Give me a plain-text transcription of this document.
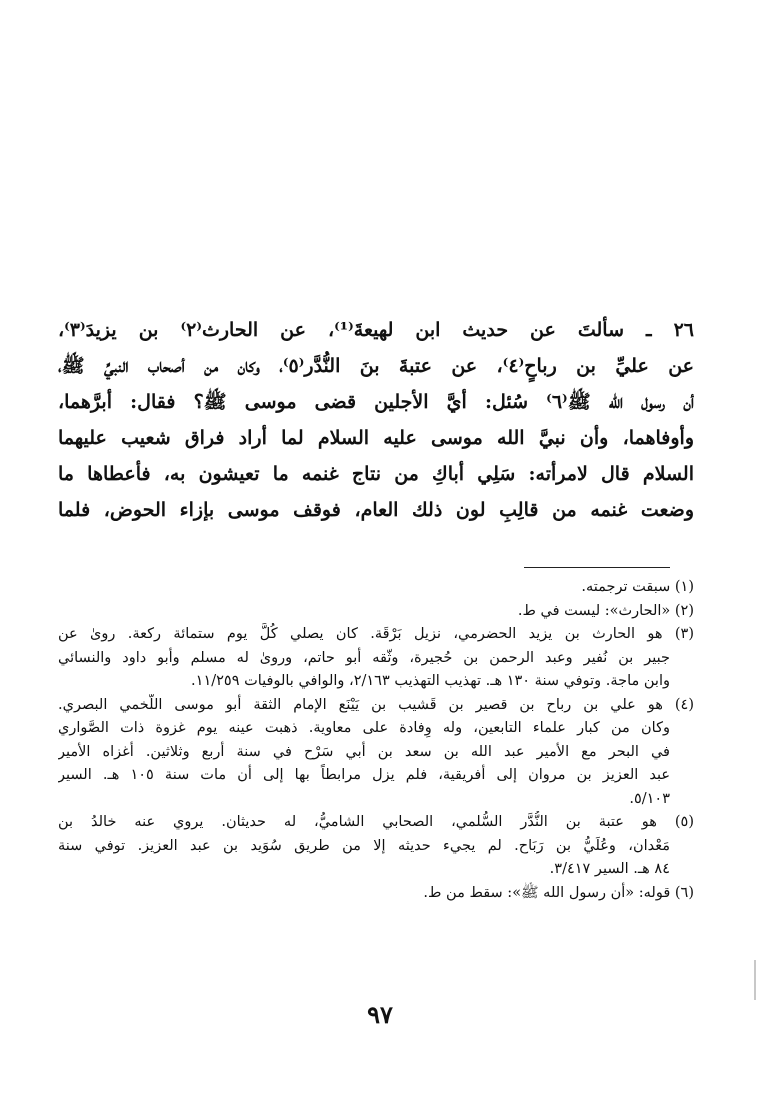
٢٦ ـ سألتَ عن حديث ابن لهيعةَ⁽¹⁾، عن الحارث⁽٢⁾ بن يزيدَ⁽٣⁾،
عن عليِّ بن رباحٍ⁽٤⁾، عن عتبةَ بنَ النُّدَّر⁽٥⁾، وكان من أصحاب النبيِّ ﷺ،
أن رسول الله ﷺ⁽٦⁾ سُئل: أيَّ الأجلين قضى موسى ﷺ؟ فقال: أبرَّهما،
وأوفاهما، وأن نبيَّ الله موسى عليه السلام لما أراد فراق شعيب عليهما
السلام قال لامرأته: سَلِي أباكِ من نتاج غنمه ما تعيشون به، فأعطاها ما
وضعت غنمه من قالِبِ لون ذلك العام، فوقف موسى بإزاء الحوض، فلما
(١) سبقت ترجمته.
(٢) «الحارث»: ليست في ط.
(٣) هو الحارث بن يزيد الحضرمي، نزيل بَرْقَة. كان يصلي كُلَّ يوم ستمائة ركعة. روىٰ عن
جبير بن نُفير وعبد الرحمن بن حُجيرة، وثّقه أبو حاتم، وروىٰ له مسلم وأبو داود والنسائي
وابن ماجة. وتوفي سنة ١٣٠ هـ. تهذيب التهذيب ٢/١٦٣، والوافي بالوفيات ١١/٢٥٩.
(٤) هو علي بن رباح بن قصير بن قَشيب بن يَيْنَع الإمام الثقة أبو موسى اللَّخمي البصري.
وكان من كبار علماء التابعين، وله وِفادة على معاوية. ذهبت عينه يوم غزوة ذات الصَّواري
في البحر مع الأمير عبد الله بن سعد بن أبي سَرْح في سنة أربع وثلاثين. أغزاه الأمير
عبد العزيز بن مروان إلى أفريقية، فلم يزل مرابطاً بها إلى أن مات سنة ١٠٥ هـ. السير
٥/١٠٣.
(٥) هو عتبة بن النُّدَّر السُّلمي، الصحابي الشاميُّ، له حديثان. يروي عنه خالدُ بن
مَعْدان، وعُلَيُّ بن رَبَاح. لم يجيء حديثه إلا من طريق سُوَيد بن عبد العزيز. توفي سنة
٨٤ هـ. السير ٣/٤١٧.
(٦) قوله: «أن رسول الله ﷺ»: سقط من ط.
٩٧
